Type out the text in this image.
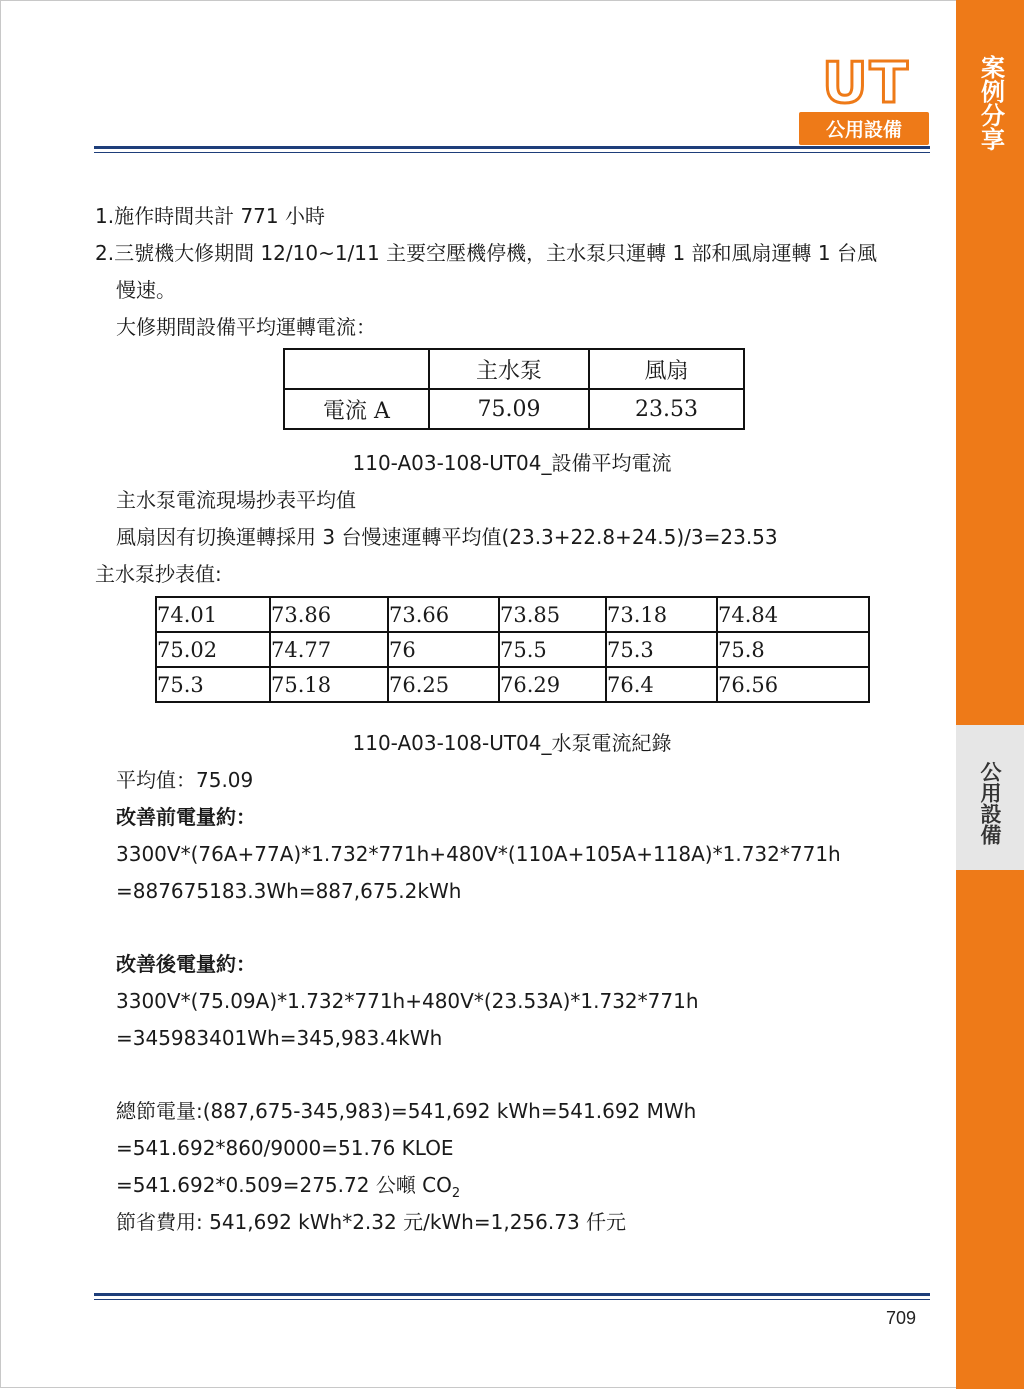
案例分享
公用設備
UT
公用設備
1.施作時間共計 771 小時
2.三號機大修期間 12/10~1/11 主要空壓機停機，主水泵只運轉 1 部和風扇運轉 1 台風
慢速。
大修期間設備平均運轉電流：
	主水泵	風扇
電流 A	75.09	23.53
110-A03-108-UT04_設備平均電流
主水泵電流現場抄表平均值
風扇因有切換運轉採用 3 台慢速運轉平均值(23.3+22.8+24.5)/3=23.53
主水泵抄表值:
74.01	73.86	73.66	73.85	73.18	74.84
75.02	74.77	76	75.5	75.3	75.8
75.3	75.18	76.25	76.29	76.4	76.56
110-A03-108-UT04_水泵電流紀錄
平均值：75.09
改善前電量約：
3300V*(76A+77A)*1.732*771h+480V*(110A+105A+118A)*1.732*771h
=887675183.3Wh=887,675.2kWh
改善後電量約：
3300V*(75.09A)*1.732*771h+480V*(23.53A)*1.732*771h
=345983401Wh=345,983.4kWh
總節電量:(887,675-345,983)=541,692 kWh=541.692 MWh
=541.692*860/9000=51.76 KLOE
=541.692*0.509=275.72 公噸 $CO_2$
節省費用: 541,692 kWh*2.32 元/kWh=1,256.73 仟元
709
